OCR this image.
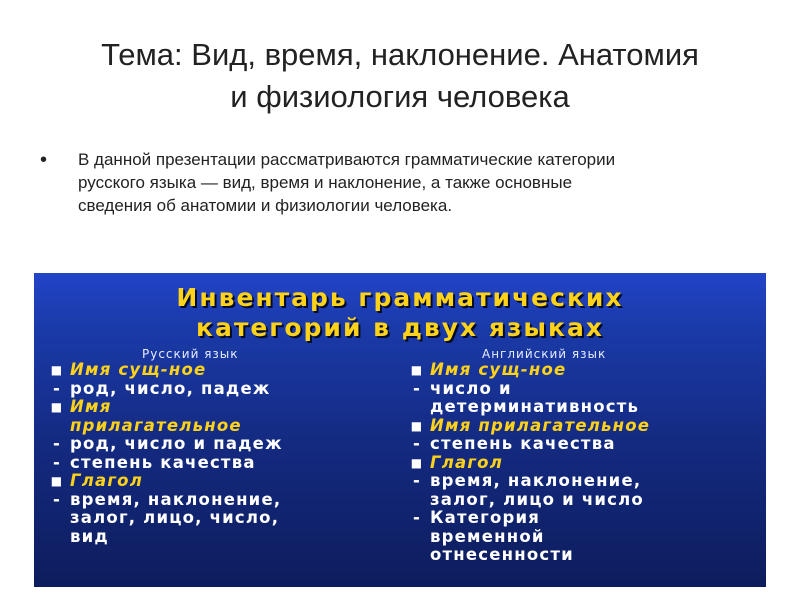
Тема: Вид, время, наклонение. Анатомия
и физиология человека
•	В данной презентации рассматриваются грамматические категории
русского языка — вид, время и наклонение, а также основные
сведения об анатомии и физиологии человека.
Инвентарь грамматических
категорий в двух языках
Русский язык	Английский язык
■ Имя сущ-ное
- род, число, падеж
■ Имя
прилагательное
- род, число и падеж
- степень качества
■ Глагол
- время, наклонение,
залог, лицо, число,
вид
■ Имя сущ-ное
- число и
детерминативность
■ Имя прилагательное
- степень качества
■ Глагол
- время, наклонение,
залог, лицо и число
- Категория
временной
отнесенности
